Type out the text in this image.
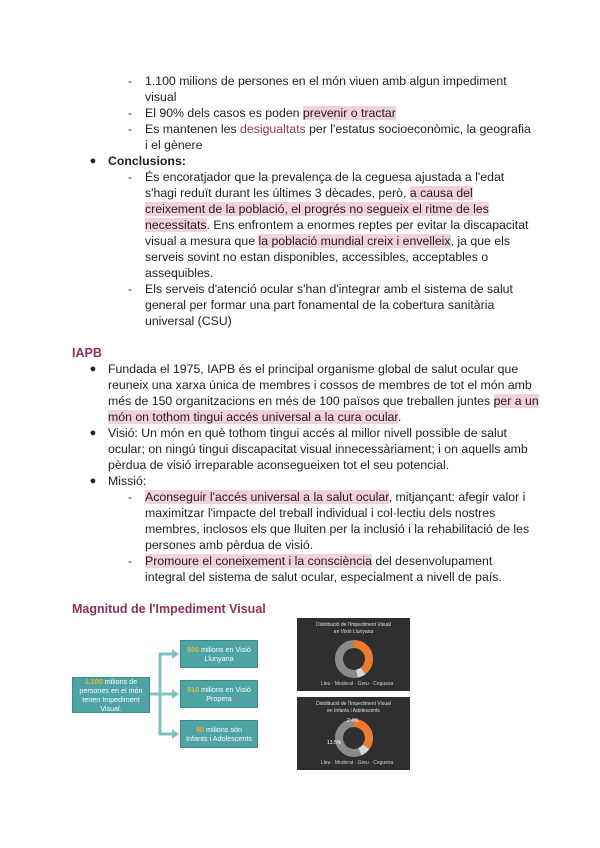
- 1.100 milions de persones en el món viuen amb algun impediment
visual
- El 90% dels casos es poden prevenir o tractar
- Es mantenen les desigualtats per l'estatus socioeconòmic, la geografia
i el gènere
● Conclusions:
- És encoratjador que la prevalença de la ceguesa ajustada a l'edat
s'hagi reduït durant les últimes 3 dècades, però, a causa del
creixement de la població, el progrés no segueix el ritme de les
necessitats. Ens enfrontem a enormes reptes per evitar la discapacitat
visual a mesura que la població mundial creix i envelleix, ja que els
serveis sovint no estan disponibles, accessibles, acceptables o
assequibles.
- Els serveis d'atenció ocular s'han d'integrar amb el sistema de salut
general per formar una part fonamental de la cobertura sanitària
universal (CSU)
IAPB
● Fundada el 1975, IAPB és el principal organisme global de salut ocular que
reuneix una xarxa única de membres i cossos de membres de tot el món amb
més de 150 organitzacions en més de 100 països que treballen juntes per a un
món on tothom tingui accés universal a la cura ocular.
● Visió: Un món en què tothom tingui accés al millor nivell possible de salut
ocular; on ningú tingui discapacitat visual innecessàriament; i on aquells amb
pèrdua de visió irreparable aconsegueixen tot el seu potencial.
● Missió:
- Aconseguir l'accés universal a la salut ocular, mitjançant: afegir valor i
maximitzar l'impacte del treball individual i col·lectiu dels nostres
membres, inclosos els que lluiten per la inclusió i la rehabilitació de les
persones amb pèrdua de visió.
- Promoure el coneixement i la consciència del desenvolupament
integral del sistema de salut ocular, especialment a nivell de país.
Magnitud de l'Impediment Visual
1.100 milions de
persones en el món
tenen Impediment
Visual.
800 milions en Visió
Llunyana
510 milions en Visió
Propera
90 milions són
Infants i Adolescents
Distribució de l'Impediment Visual
en Visió Llunyana
Lleu · Moderat · Greu · Ceguesa
Distribució de l'Impediment Visual
en Infants i Adolescents
2.4%
13.5%
Lleu · Moderat · Greu · Ceguesa
